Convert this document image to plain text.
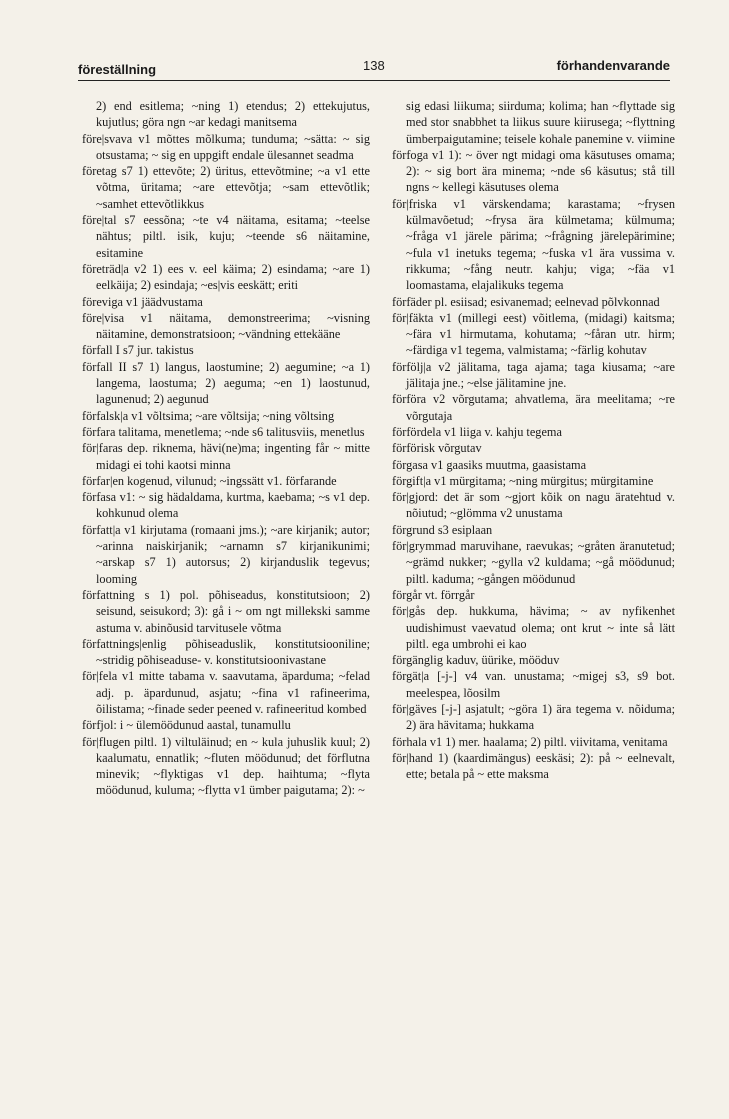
föreställning	138	förhandenvarande

2) end esitlema; ~ning 1) etendus; 2) ettekujutus, kujutlus; göra ngn ~ar kedagi manitsema

före|svava v1 mõttes mõlkuma; tunduma; ~sätta: ~ sig otsustama; ~ sig en uppgift endale ülesannet seadma

företag s7 1) ettevõte; 2) üritus, ettevõtmine; ~a v1 ette võtma, üritama; ~are ettevõtja; ~sam ettevõtlik; ~samhet ettevõtlikkus

före|tal s7 eessõna; ~te v4 näitama, esitama; ~teelse nähtus; piltl. isik, kuju; ~teende s6 näitamine, esitamine

företräd|a v2 1) ees v. eel käima; 2) esindama; ~are 1) eelkäija; 2) esindaja; ~es|vis eeskätt; eriti

förеviga v1 jäädvustama

före|visa v1 näitama, demonstreerima; ~visning näitamine, demonstratsioon; ~vändning ettekääne

förfall I s7 jur. takistus

förfall II s7 1) langus, laostumine; 2) aegumine; ~a 1) langema, laostuma; 2) aeguma; ~en 1) laostunud, lagunenud; 2) aegunud

förfalsk|a v1 võltsima; ~are võltsija; ~ning võltsing

förfara talitama, menetlema; ~nde s6 talitusviis, menetlus

för|faras dep. riknema, hävi(ne)ma; ingenting får ~ mitte midagi ei tohi kaotsi minna

förfar|en kogenud, vilunud; ~ingssätt v1. förfarande

förfasa v1: ~ sig hädaldama, kurtma, kaebama; ~s v1 dep. kohkunud olema

författ|a v1 kirjutama (romaani jms.); ~are kirjanik; autor; ~arinna naiskirjanik; ~arnamn s7 kirjanikunimi; ~arskap s7 1) autorsus; 2) kirjanduslik tegevus; looming

författning s 1) pol. põhiseadus, konstitutsioon; 2) seisund, seisukord; 3): gå i ~ om ngt millekski samme astuma v. abinõusid tarvitusele võtma

författnings|enlig põhiseaduslik, konstitutsiooniline; ~stridig põhiseaduse- v. konstitutsioonivastane

för|fela v1 mitte tabama v. saavutama, äparduma; ~felad adj. p. äpardunud, asjatu; ~fina v1 rafineerima, õilistama; ~finade seder peened v. rafineeritud kombed

förfjol: i ~ ülemöödunud aastal, tunamullu

för|flugen piltl. 1) viltuläinud; en ~ kula juhuslik kuul; 2) kaalumatu, ennatlik; ~fluten möödunud; det förflutna minevik; ~flyktigas v1 dep. haihtuma; ~flyta möödunud, kuluma; ~flytta v1 ümber paigutama; 2): ~

sig edasi liikuma; siirduma; kolima; han ~flyttade sig med stor snabbhet ta liikus suure kiirusega; ~flyttning ümberpaigutamine; teisele kohale panemine v. viimine

förfoga v1 1): ~ över ngt midagi oma käsutuses omama; 2): ~ sig bort ära minema; ~nde s6 käsutus; stå till ngns ~ kellegi käsutuses olema

för|friska v1 värskendama; karastama; ~frysen külmavõetud; ~frysa ära külmetama; külmuma; ~fråga v1 järele pärima; ~frågning järelepärimine; ~fula v1 inetuks tegema; ~fuska v1 ära vussima v. rikkuma; ~fång neutr. kahju; viga; ~fäa v1 loomastama, elajalikuks tegema

förfäder pl. esiisad; esivanemad; eelnevad põlvkonnad

för|fäkta v1 (millegi eest) võitlema, (midagi) kaitsma; ~fära v1 hirmutama, kohutama; ~fåran utr. hirm; ~färdiga v1 tegema, valmistama; ~färlig kohutav

förfölj|a v2 jälitama, taga ajama; taga kiusama; ~are jälitaja jne.; ~else jälitamine jne.

förföra v2 võrgutama; ahvatlema, ära meelitama; ~re võrgutaja

förfördela v1 liiga v. kahju tegema

förförisk võrgutav

förgasa v1 gaasiks muutma, gaasistama

förgift|a v1 mürgitama; ~ning mürgitus; mürgitamine

för|gjord: det är som ~gjort kõik on nagu äratehtud v. nõiutud; ~glömma v2 unustama

förgrund s3 esiplaan

för|grymmad maruvihane, raevukas; ~gråten äranutetud; ~grämd nukker; ~gylla v2 kuldama; ~gå möödunud; piltl. kaduma; ~gången möödunud

förgår vt. förrgår

för|gås dep. hukkuma, hävima; ~ av nyfikenhet uudishimust vaevatud olema; ont krut ~ inte så lätt piltl. ega umbrohi ei kao

förgänglig kaduv, üürike, mööduv

förgät|a [-j-] v4 van. unustama; ~migej s3, s9 bot. meelespea, lõosilm

för|gäves [-j-] asjatult; ~göra 1) ära tegema v. nõiduma; 2) ära hävitama; hukkama

förhala v1 1) mer. haalama; 2) piltl. viivitama, venitama

för|hand 1) (kaardimängus) eeskäsi; 2): på ~ eelnevalt, ette; betala på ~ ette maksma
